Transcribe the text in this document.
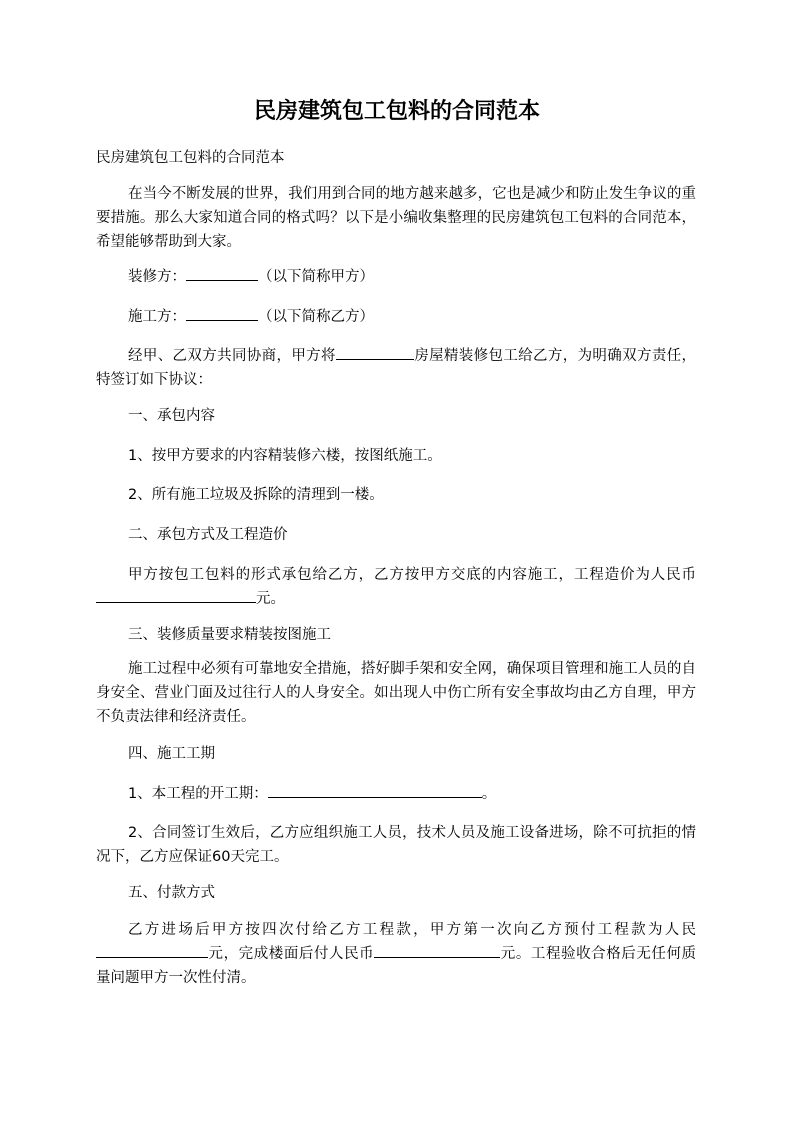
民房建筑包工包料的合同范本

民房建筑包工包料的合同范本

在当今不断发展的世界，我们用到合同的地方越来越多，它也是减少和防止发生争议的重要措施。那么大家知道合同的格式吗？以下是小编收集整理的民房建筑包工包料的合同范本，希望能够帮助到大家。

装修方：	（以下简称甲方）

施工方：	（以下简称乙方）

经甲、乙双方共同协商，甲方将	房屋精装修包工给乙方，为明确双方责任，特签订如下协议：

一、承包内容

1、按甲方要求的内容精装修六楼，按图纸施工。

2、所有施工垃圾及拆除的清理到一楼。

二、承包方式及工程造价

甲方按包工包料的形式承包给乙方，乙方按甲方交底的内容施工，工程造价为人民币元。

三、装修质量要求精装按图施工

施工过程中必须有可靠地安全措施，搭好脚手架和安全网，确保项目管理和施工人员的自身安全、营业门面及过往行人的人身安全。如出现人中伤亡所有安全事故均由乙方自理，甲方不负责法律和经济责任。

四、施工工期

1、本工程的开工期：	。

2、合同签订生效后，乙方应组织施工人员，技术人员及施工设备进场，除不可抗拒的情况下，乙方应保证60天完工。

五、付款方式

乙方进场后甲方按四次付给乙方工程款，甲方第一次向乙方预付工程款为人民元，完成楼面后付人民币	元。工程验收合格后无任何质量问题甲方一次性付清。
